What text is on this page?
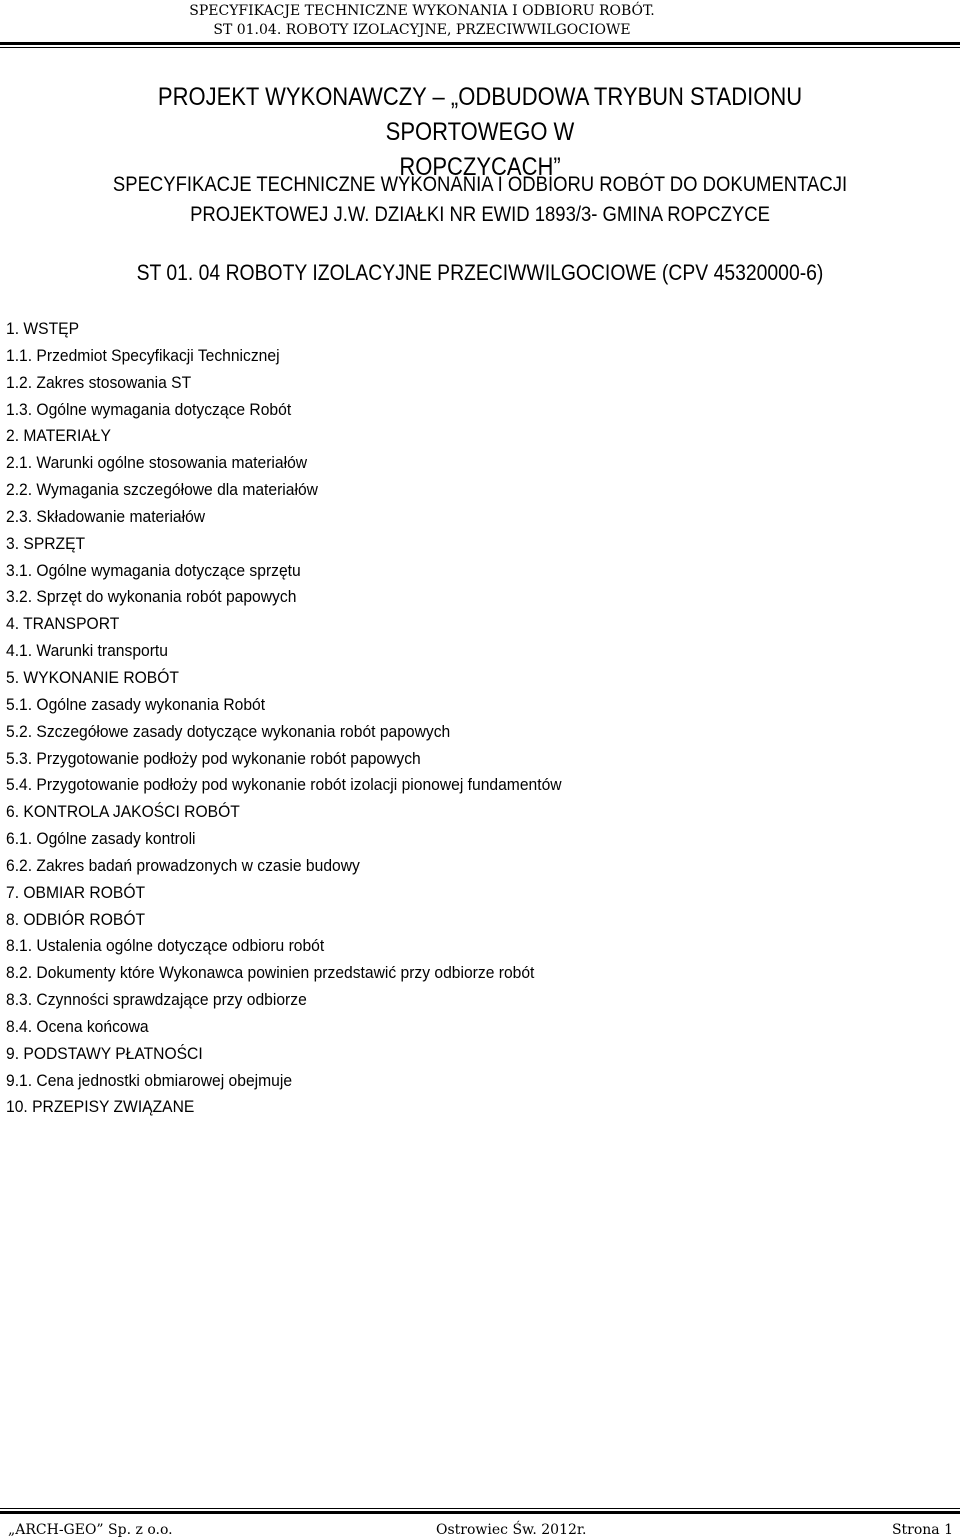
SPECYFIKACJE TECHNICZNE WYKONANIA I ODBIORU ROBÓT.
ST 01.04. ROBOTY IZOLACYJNE, PRZECIWWILGOCIOWE
PROJEKT WYKONAWCZY – „ODBUDOWA TRYBUN STADIONU SPORTOWEGO W
ROPCZYCACH”
SPECYFIKACJE TECHNICZNE WYKONANIA I ODBIORU ROBÓT DO DOKUMENTACJI
PROJEKTOWEJ J.W. DZIAŁKI NR EWID 1893/3- GMINA ROPCZYCE
ST 01. 04 ROBOTY IZOLACYJNE PRZECIWWILGOCIOWE (CPV 45320000-6)
1. WSTĘP
1.1. Przedmiot Specyfikacji Technicznej
1.2. Zakres stosowania ST
1.3. Ogólne wymagania dotyczące Robót
2. MATERIAŁY
2.1. Warunki ogólne stosowania materiałów
2.2. Wymagania szczegółowe dla materiałów
2.3. Składowanie materiałów
3. SPRZĘT
3.1. Ogólne wymagania dotyczące sprzętu
3.2. Sprzęt do wykonania robót papowych
4. TRANSPORT
4.1. Warunki transportu
5. WYKONANIE ROBÓT
5.1. Ogólne zasady wykonania Robót
5.2. Szczegółowe zasady dotyczące wykonania robót papowych
5.3. Przygotowanie podłoży pod wykonanie robót papowych
5.4. Przygotowanie podłoży pod wykonanie robót izolacji pionowej fundamentów
6. KONTROLA JAKOŚCI ROBÓT
6.1. Ogólne zasady kontroli
6.2. Zakres badań prowadzonych w czasie budowy
7. OBMIAR ROBÓT
8. ODBIÓR ROBÓT
8.1. Ustalenia ogólne dotyczące odbioru robót
8.2. Dokumenty które Wykonawca powinien przedstawić przy odbiorze robót
8.3. Czynności sprawdzające przy odbiorze
8.4. Ocena końcowa
9. PODSTAWY PŁATNOŚCI
9.1. Cena jednostki obmiarowej obejmuje
10. PRZEPISY ZWIĄZANE
„ARCH-GEO” Sp. z o.o.	Ostrowiec Św. 2012r.	Strona 1
